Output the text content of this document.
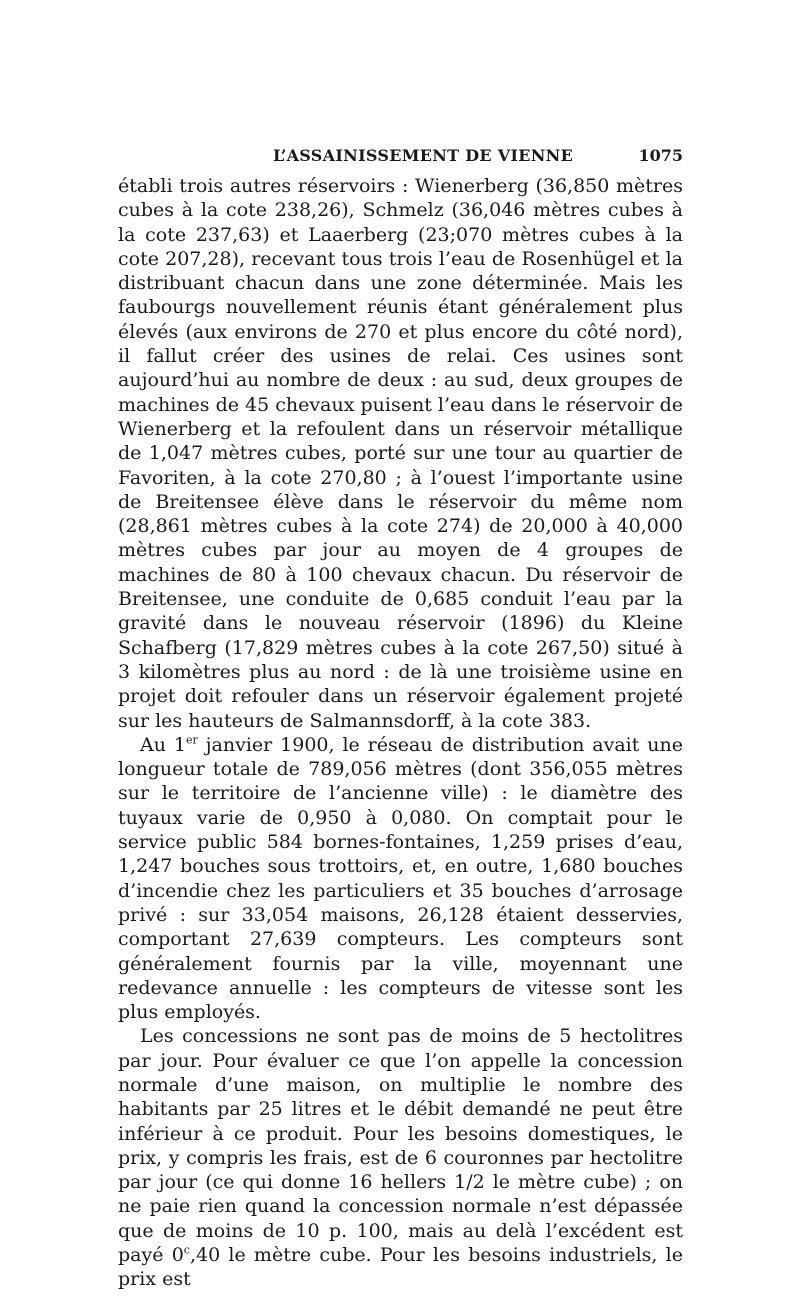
L’ASSAINISSEMENT DE VIENNE	1075

établi trois autres réservoirs : Wienerberg (36,850 mètres cubes à la cote 238,26), Schmelz (36,046 mètres cubes à la cote 237,63) et Laaerberg (23;070 mètres cubes à la cote 207,28), recevant tous trois l’eau de Rosenhügel et la distribuant chacun dans une zone déterminée. Mais les faubourgs nouvellement réunis étant généralement plus élevés (aux environs de 270 et plus encore du côté nord), il fallut créer des usines de relai. Ces usines sont aujourd’hui au nombre de deux : au sud, deux groupes de machines de 45 chevaux puisent l’eau dans le réservoir de Wienerberg et la refoulent dans un réservoir métallique de 1,047 mètres cubes, porté sur une tour au quartier de Favoriten, à la cote 270,80 ; à l’ouest l’importante usine de Breitensee élève dans le réservoir du même nom (28,861 mètres cubes à la cote 274) de 20,000 à 40,000 mètres cubes par jour au moyen de 4 groupes de machines de 80 à 100 chevaux chacun. Du réservoir de Breitensee, une conduite de 0,685 conduit l’eau par la gravité dans le nouveau réservoir (1896) du Kleine Schafberg (17,829 mètres cubes à la cote 267,50) situé à 3 kilomètres plus au nord : de là une troisième usine en projet doit refouler dans un réservoir également projeté sur les hauteurs de Salmannsdorff, à la cote 383.

Au 1er janvier 1900, le réseau de distribution avait une longueur totale de 789,056 mètres (dont 356,055 mètres sur le territoire de l’ancienne ville) : le diamètre des tuyaux varie de 0,950 à 0,080. On comptait pour le service public 584 bornes-fontaines, 1,259 prises d’eau, 1,247 bouches sous trottoirs, et, en outre, 1,680 bouches d’incendie chez les particuliers et 35 bouches d’arrosage privé : sur 33,054 maisons, 26,128 étaient desservies, comportant 27,639 compteurs. Les compteurs sont généralement fournis par la ville, moyennant une redevance annuelle : les compteurs de vitesse sont les plus employés.

Les concessions ne sont pas de moins de 5 hectolitres par jour. Pour évaluer ce que l’on appelle la concession normale d’une maison, on multiplie le nombre des habitants par 25 litres et le débit demandé ne peut être inférieur à ce produit. Pour les besoins domestiques, le prix, y compris les frais, est de 6 couronnes par hectolitre par jour (ce qui donne 16 hellers 1/2 le mètre cube) ; on ne paie rien quand la concession normale n’est dépassée que de moins de 10 p. 100, mais au delà l’excédent est payé 0$^c$,40 le mètre cube. Pour les besoins industriels, le prix est
